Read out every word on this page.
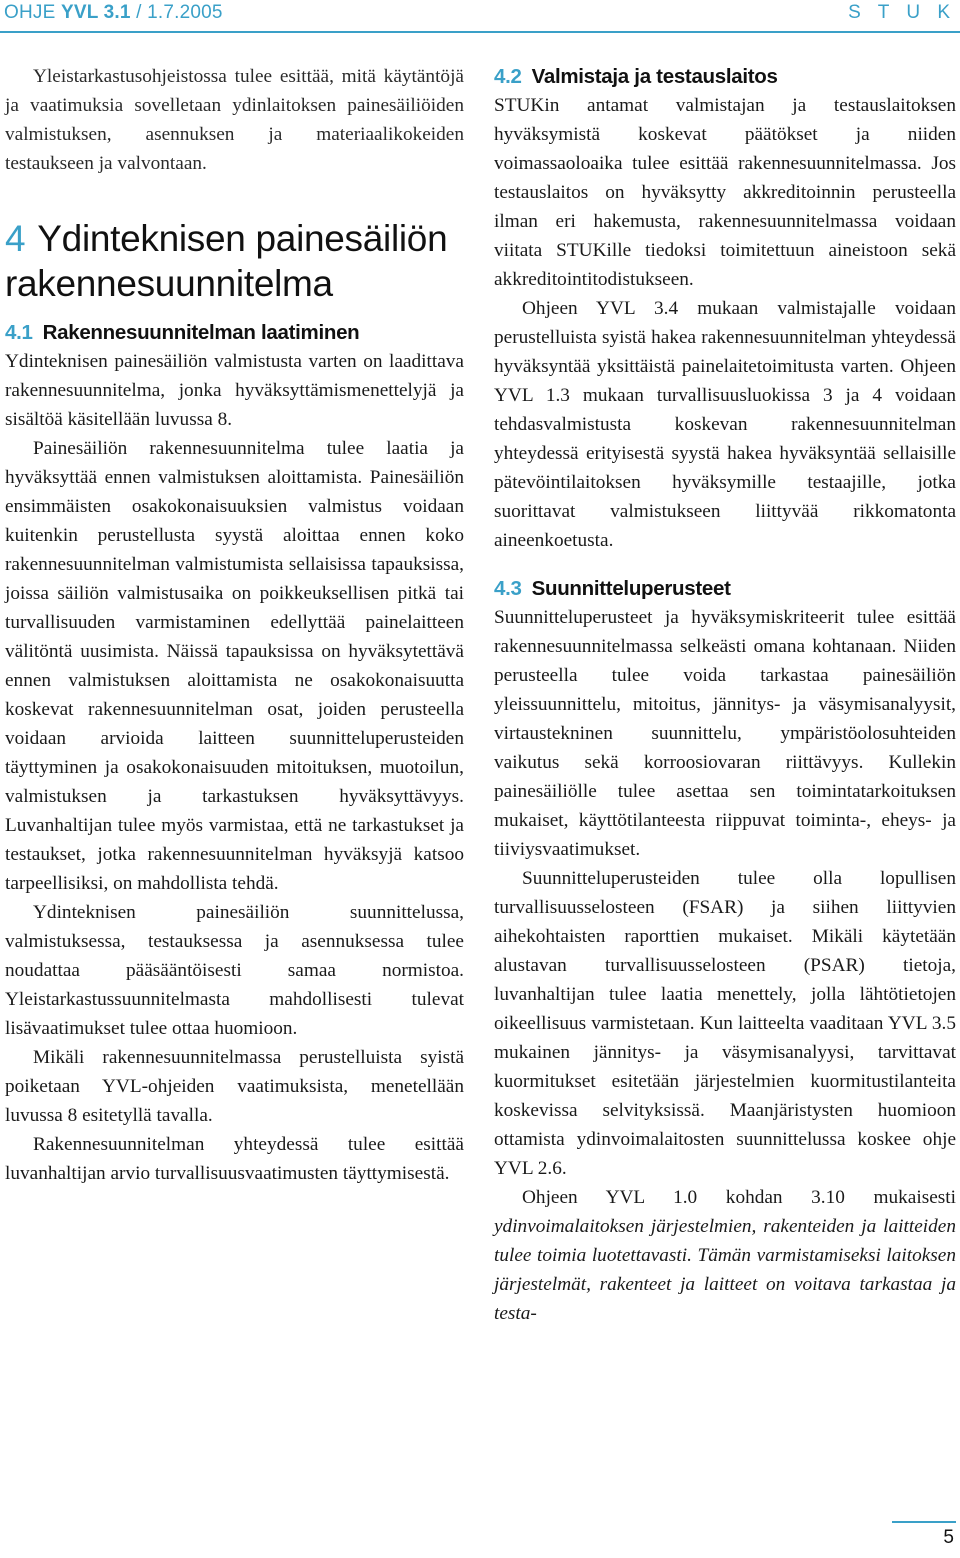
OHJE YVL 3.1 / 1.7.2005	S T U K

Yleistarkastusohjeistossa tulee esittää, mitä käytäntöjä ja vaatimuksia sovelletaan ydinlaitoksen painesäiliöiden valmistuksen, asennuksen ja materiaalikokeiden testaukseen ja valvontaan.

4 Ydinteknisen painesäiliön rakennesuunnitelma
4.1 Rakennesuunnitelman laatiminen

Ydinteknisen painesäiliön valmistusta varten on laadittava rakennesuunnitelma, jonka hyväksyttämismenettelyjä ja sisältöä käsitellään luvussa 8.

Painesäiliön rakennesuunnitelma tulee laatia ja hyväksyttää ennen valmistuksen aloittamista. Painesäiliön ensimmäisten osakokonaisuuksien valmistus voidaan kuitenkin perustellusta syystä aloittaa ennen koko rakennesuunnitelman valmistumista sellaisissa tapauksissa, joissa säiliön valmistusaika on poikkeuksellisen pitkä tai turvallisuuden varmistaminen edellyttää painelaitteen välitöntä uusimista. Näissä tapauksissa on hyväksytettävä ennen valmistuksen aloittamista ne osakokonaisuutta koskevat rakennesuunnitelman osat, joiden perusteella voidaan arvioida laitteen suunnitteluperusteiden täyttyminen ja osakokonaisuuden mitoituksen, muotoilun, valmistuksen ja tarkastuksen hyväksyttävyys. Luvanhaltijan tulee myös varmistaa, että ne tarkastukset ja testaukset, jotka rakennesuunnitelman hyväksyjä katsoo tarpeellisiksi, on mahdollista tehdä.

Ydinteknisen painesäiliön suunnittelussa, valmistuksessa, testauksessa ja asennuksessa tulee noudattaa pääsääntöisesti samaa normistoa. Yleistarkastussuunnitelmasta mahdollisesti tulevat lisävaatimukset tulee ottaa huomioon.

Mikäli rakennesuunnitelmassa perustelluista syistä poiketaan YVL-ohjeiden vaatimuksista, menetellään luvussa 8 esitetyllä tavalla.

Rakennesuunnitelman yhteydessä tulee esittää luvanhaltijan arvio turvallisuusvaatimusten täyttymisestä.

4.2 Valmistaja ja testauslaitos

STUKin antamat valmistajan ja testauslaitoksen hyväksymistä koskevat päätökset ja niiden voimassaoloaika tulee esittää rakennesuunnitelmassa. Jos testauslaitos on hyväksytty akkreditoinnin perusteella ilman eri hakemusta, rakennesuunnitelmassa voidaan viitata STUKille tiedoksi toimitettuun aineistoon sekä akkreditointitodistukseen.

Ohjeen YVL 3.4 mukaan valmistajalle voidaan perustelluista syistä hakea rakennesuunnitelman yhteydessä hyväksyntää yksittäistä painelaitetoimitusta varten. Ohjeen YVL 1.3 mukaan turvallisuusluokissa 3 ja 4 voidaan tehdasvalmistusta koskevan rakennesuunnitelman yhteydessä erityisestä syystä hakea hyväksyntää sellaisille pätevöintilaitoksen hyväksymille testaajille, jotka suorittavat valmistukseen liittyvää rikkomatonta aineenkoetusta.

4.3 Suunnitteluperusteet

Suunnitteluperusteet ja hyväksymiskriteerit tulee esittää rakennesuunnitelmassa selkeästi omana kohtanaan. Niiden perusteella tulee voida tarkastaa painesäiliön yleissuunnittelu, mitoitus, jännitys- ja väsymisanalyysit, virtaustekninen suunnittelu, ympäristöolosuhteiden vaikutus sekä korroosiovaran riittävyys. Kullekin painesäiliölle tulee asettaa sen toimintatarkoituksen mukaiset, käyttötilanteesta riippuvat toiminta-, eheys- ja tiiviysvaatimukset.

Suunnitteluperusteiden tulee olla lopullisen turvallisuusselosteen (FSAR) ja siihen liittyvien aihekohtaisten raporttien mukaiset. Mikäli käytetään alustavan turvallisuusselosteen (PSAR) tietoja, luvanhaltijan tulee laatia menettely, jolla lähtötietojen oikeellisuus varmistetaan. Kun laitteelta vaaditaan YVL 3.5 mukainen jännitys- ja väsymisanalyysi, tarvittavat kuormitukset esitetään järjestelmien kuormitustilanteita koskevissa selvityksissä. Maanjäristysten huomioon ottamista ydinvoimalaitosten suunnittelussa koskee ohje YVL 2.6.

Ohjeen YVL 1.0 kohdan 3.10 mukaisesti ydinvoimalaitoksen järjestelmien, rakenteiden ja laitteiden tulee toimia luotettavasti. Tämän varmistamiseksi laitoksen järjestelmät, rakenteet ja laitteet on voitava tarkastaa ja testa-

5
